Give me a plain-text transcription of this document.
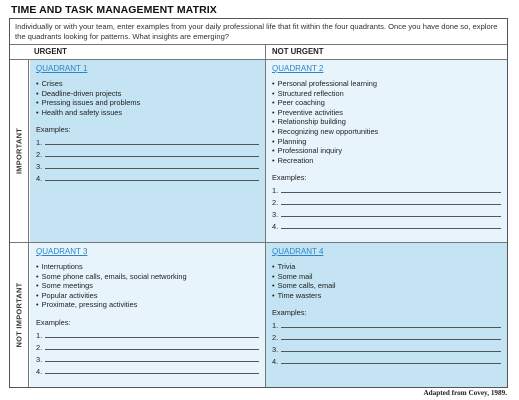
TIME AND TASK MANAGEMENT MATRIX
Individually or with your team, enter examples from your daily professional life that fit within the four quadrants. Once you have done so, explore the quadrants looking for patterns. What insights are emerging?
URGENT	NOT URGENT
IMPORTANT
NOT IMPORTANT
QUADRANT 1
• Crises
• Deadline-driven projects
• Pressing issues and problems
• Health and safety issues
Examples:
1.
2.
3.
4.
QUADRANT 2
• Personal professional learning
• Structured reflection
• Peer coaching
• Preventive activities
• Relationship building
• Recognizing new opportunities
• Planning
• Professional inquiry
• Recreation
Examples:
1.
2.
3.
4.
QUADRANT 3
• Interruptions
• Some phone calls, emails, social networking
• Some meetings
• Popular activities
• Proximate, pressing activities
Examples:
1.
2.
3.
4.
QUADRANT 4
• Trivia
• Some mail
• Some calls, email
• Time wasters
Examples:
1.
2.
3.
4.
Adapted from Covey, 1989.
